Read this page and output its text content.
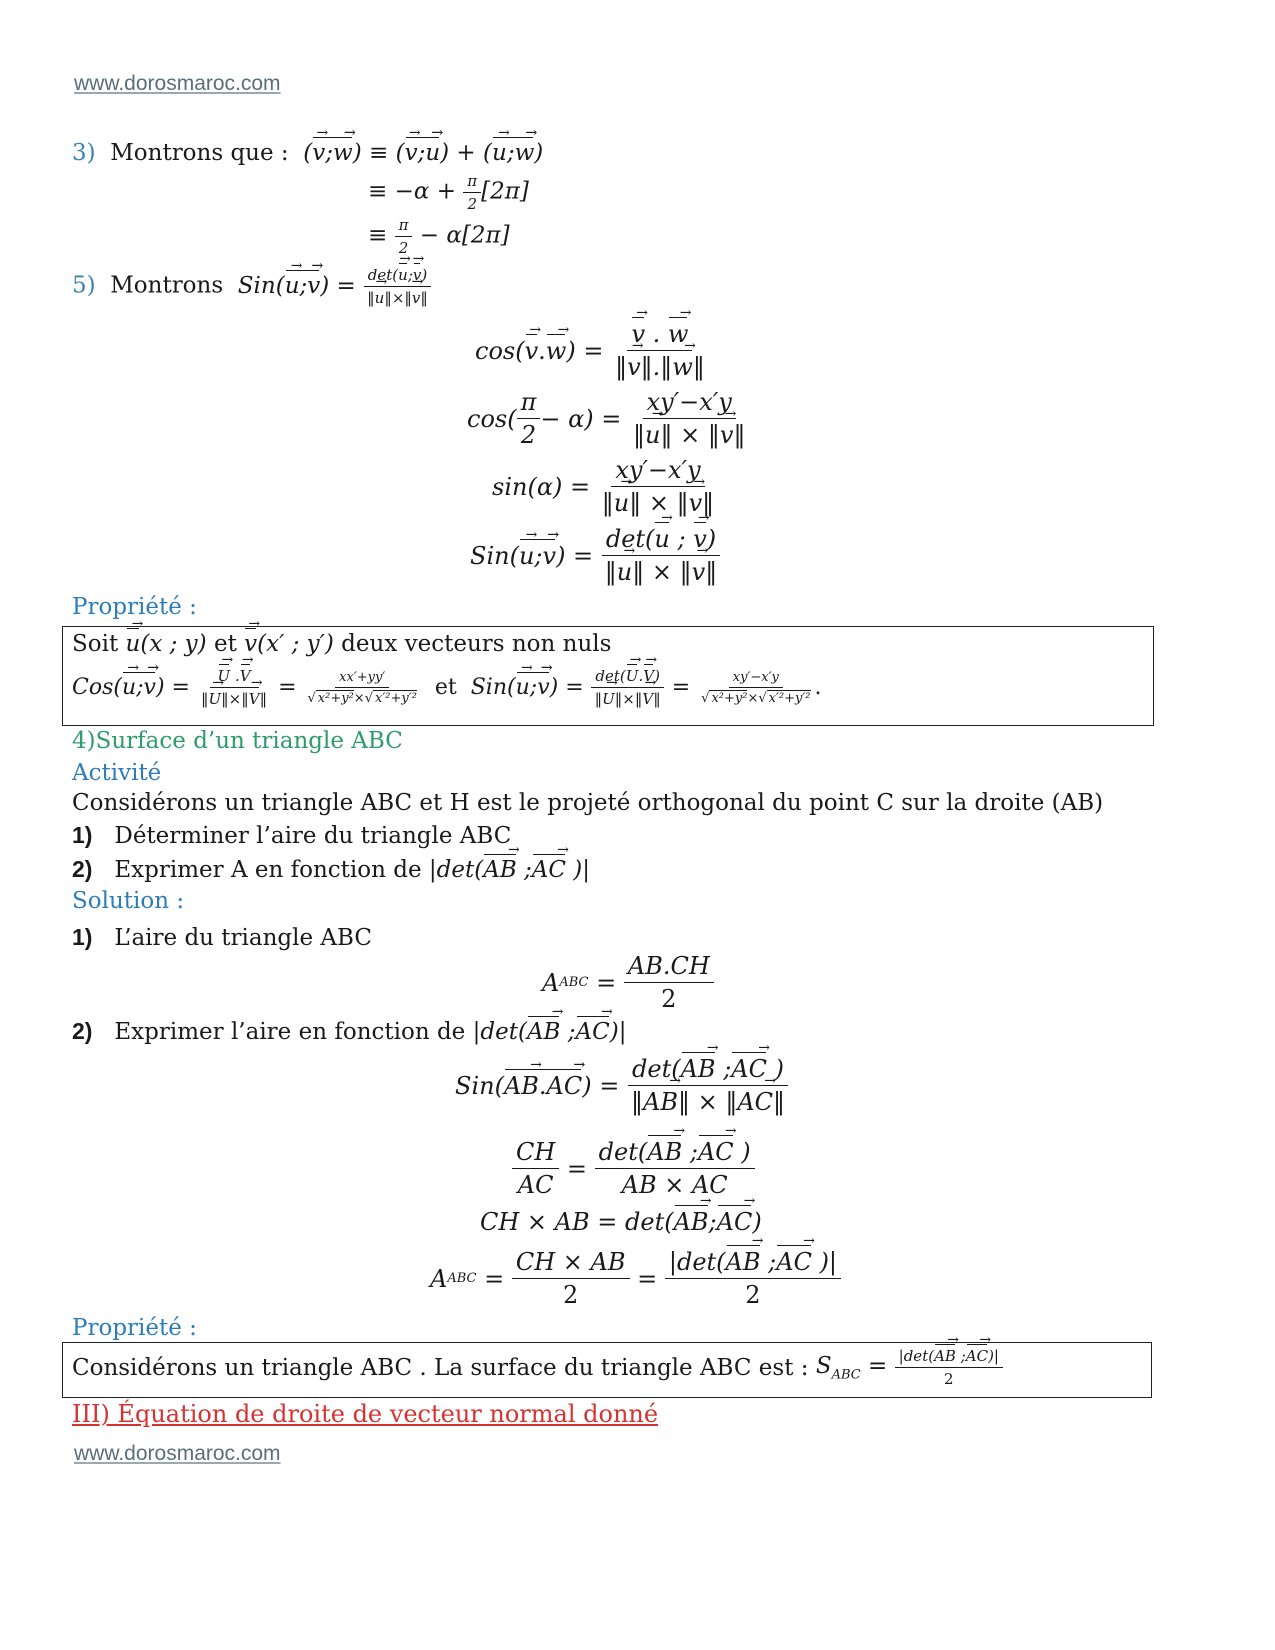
www.dorosmaroc.com
3) Montrons que : (v →;w → →) ≡ (v →;u → →) + (u →;w → →)
≡ $-\alpha + \frac{\pi}{2} [2\pi]$
≡ $\frac{\pi}{2} - \alpha[2\pi]$
5) Montrons Sin(u →;v → →) = $\frac{\det(u \to;v \to)}{‖u \to‖\times‖v \to‖}$
cos( v → . w → ) = $\frac{v \to . w \to}{‖v \to‖.‖w \to‖}$
$\cos( \frac{\pi}{2} - \alpha) = \frac{xy'-x'y}{‖u \to‖ \times ‖v \to‖}$
$\sin(\alpha) = \frac{xy'-x'y}{‖u \to‖ \times ‖v \to‖}$
Sin( u →;v → → ) = $\frac{\det(u \to ; v \to)}{‖u \to‖ \times ‖v \to‖}$
Propriété :
Soit u →(x ; y) et v →(x′ ; y′) deux vecteurs non nuls
Cos(u →;v → →) = $\frac{U \to .V \to}{‖U \to‖\times‖V \to‖} = \frac{xx'+yy'}{\text{√ x²+y²×√ x′²+y′²}}$ et Sin(u →;v → →) = $\frac{\det(U \to.V \to)}{‖U \to‖\times‖V \to‖} = \frac{xy'-x'y}{\text{√ x²+y²×√ x′²+y′²}}$ .
4)Surface d’un triangle ABC
Activité
Considérons un triangle ABC et H est le projeté orthogonal du point C sur la droite (AB)
1) Déterminer l’aire du triangle ABC
2) Exprimer A en fonction de |det(AB → ;AC → )|
Solution :
1) L’aire du triangle ABC
A ABC = $\frac{AB.CH}{2}$
2) Exprimer l’aire en fonction de |det(AB → ;AC →)|
Sin( AB →.AC → → ) = $\frac{\det(AB \to ;AC \to )}{‖AB \to‖ \times ‖AC \to‖}$
$\frac{CH}{AC} = \frac{\det(AB \to ;AC \to )}{AB \times AC}$
CH × AB = det( AB → ; AC → )
A ABC = $\frac{CH \times AB}{2} = \frac{|\det(AB \to ;AC \to )|}{2}$
Propriété :
Considérons un triangle ABC . La surface du triangle ABC est : $S_{ABC} = \frac{|\det(AB \to ;AC \to)|}{2}$
III) Équation de droite de vecteur normal donné
www.dorosmaroc.com
